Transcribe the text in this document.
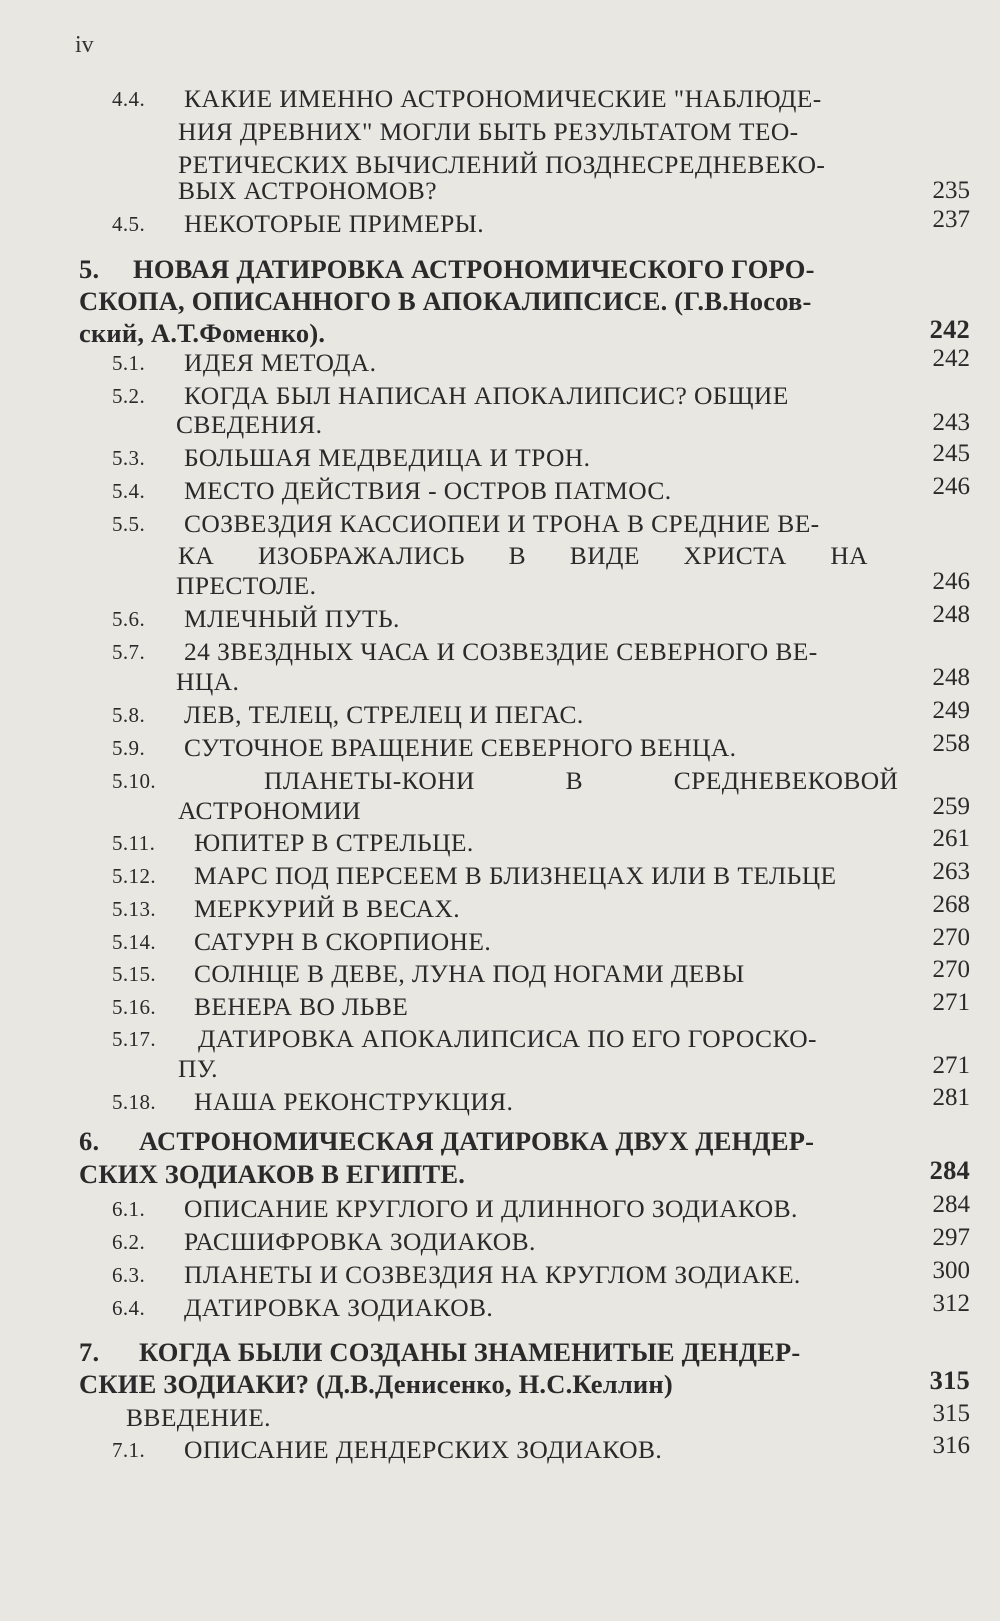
iv
4.4. КАКИЕ ИМЕННО АСТРОНОМИЧЕСКИЕ "НАБЛЮДЕ-
НИЯ ДРЕВНИХ" МОГЛИ БЫТЬ РЕЗУЛЬТАТОМ ТЕО-
РЕТИЧЕСКИХ ВЫЧИСЛЕНИЙ ПОЗДНЕСРЕДНЕВЕКО-
ВЫХ АСТРОНОМОВ?	235
4.5. НЕКОТОРЫЕ ПРИМЕРЫ.	237
5. НОВАЯ ДАТИРОВКА АСТРОНОМИЧЕСКОГО ГОРО-
СКОПА, ОПИСАННОГО В АПОКАЛИПСИСЕ. (Г.В.Носов-
ский, А.Т.Фоменко).	242
5.1. ИДЕЯ МЕТОДА.	242
5.2. КОГДА БЫЛ НАПИСАН АПОКАЛИПСИС? ОБЩИЕ
СВЕДЕНИЯ.	243
5.3. БОЛЬШАЯ МЕДВЕДИЦА И ТРОН.	245
5.4. МЕСТО ДЕЙСТВИЯ - ОСТРОВ ПАТМОС.	246
5.5. СОЗВЕЗДИЯ КАССИОПЕИ И ТРОНА В СРЕДНИЕ ВЕ-
КА ИЗОБРАЖАЛИСЬ В ВИДЕ ХРИСТА НА
ПРЕСТОЛЕ.	246
5.6. МЛЕЧНЫЙ ПУТЬ.	248
5.7. 24 ЗВЕЗДНЫХ ЧАСА И СОЗВЕЗДИЕ СЕВЕРНОГО ВЕ-
НЦА.	248
5.8. ЛЕВ, ТЕЛЕЦ, СТРЕЛЕЦ И ПЕГАС.	249
5.9. СУТОЧНОЕ ВРАЩЕНИЕ СЕВЕРНОГО ВЕНЦА.	258
5.10.	ПЛАНЕТЫ-КОНИ В СРЕДНЕВЕКОВОЙ
АСТРОНОМИИ	259
5.11. ЮПИТЕР В СТРЕЛЬЦЕ.	261
5.12. МАРС ПОД ПЕРСЕЕМ В БЛИЗНЕЦАХ ИЛИ В ТЕЛЬЦЕ	263
5.13. МЕРКУРИЙ В ВЕСАХ.	268
5.14. САТУРН В СКОРПИОНЕ.	270
5.15. СОЛНЦЕ В ДЕВЕ, ЛУНА ПОД НОГАМИ ДЕВЫ	270
5.16. ВЕНЕРА ВО ЛЬВЕ	271
5.17. ДАТИРОВКА АПОКАЛИПСИСА ПО ЕГО ГОРОСКО-
ПУ.	271
5.18. НАША РЕКОНСТРУКЦИЯ.	281
6. АСТРОНОМИЧЕСКАЯ ДАТИРОВКА ДВУХ ДЕНДЕР-
СКИХ ЗОДИАКОВ В ЕГИПТЕ.	284
6.1. ОПИСАНИЕ КРУГЛОГО И ДЛИННОГО ЗОДИАКОВ.	284
6.2. РАСШИФРОВКА ЗОДИАКОВ.	297
6.3. ПЛАНЕТЫ И СОЗВЕЗДИЯ НА КРУГЛОМ ЗОДИАКЕ.	300
6.4. ДАТИРОВКА ЗОДИАКОВ.	312
7. КОГДА БЫЛИ СОЗДАНЫ ЗНАМЕНИТЫЕ ДЕНДЕР-
СКИЕ ЗОДИАКИ? (Д.В.Денисенко, Н.С.Келлин)	315
ВВЕДЕНИЕ.	315
7.1. ОПИСАНИЕ ДЕНДЕРСКИХ ЗОДИАКОВ.	316
